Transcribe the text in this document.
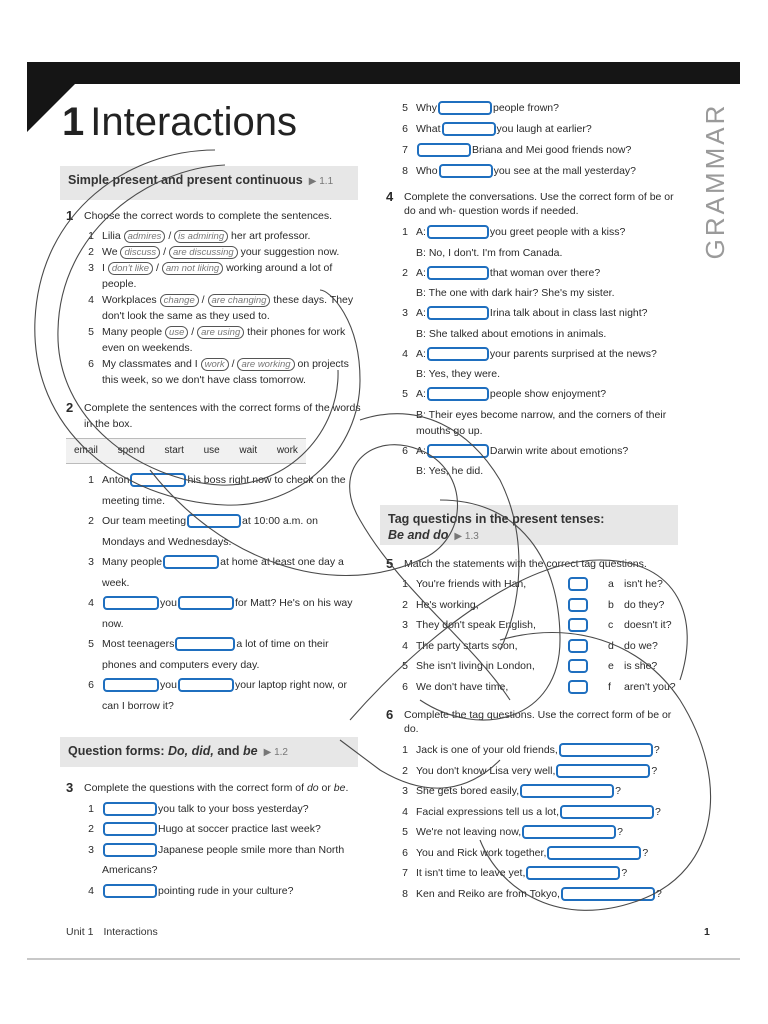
1 Interactions	GRAMMAR
Simple present and present continuous ▶ 1.1
1 Choose the correct words to complete the sentences.
1 Lilia admires / is admiring her art professor.
2 We discuss / are discussing your suggestion now.
3 I don't like / am not liking working around a lot of people.
4 Workplaces change / are changing these days. They don't look the same as they used to.
5 Many people use / are using their phones for work even on weekends.
6 My classmates and I work / are working on projects this week, so we don't have class tomorrow.
2 Complete the sentences with the correct forms of the words in the box.
email spend start use wait work
1 Anton	his boss right now to check on the meeting time.
2 Our team meeting	at 10:00 a.m. on Mondays and Wednesdays.
3 Many people	at home at least one day a week.
4	you	for Matt? He's on his way now.
5 Most teenagers	a lot of time on their phones and computers every day.
6	you	your laptop right now, or can I borrow it?
Question forms: Do, did, and be ▶ 1.2
3 Complete the questions with the correct form of do or be.
1	you talk to your boss yesterday?
2	Hugo at soccer practice last week?
3	Japanese people smile more than North Americans?
4	pointing rude in your culture?
5 Why	people frown?
6 What	you laugh at earlier?
7	Briana and Mei good friends now?
8 Who	you see at the mall yesterday?
4 Complete the conversations. Use the correct form of be or do and wh- question words if needed.
1 A:	you greet people with a kiss?
B: No, I don't. I'm from Canada.
2 A:	that woman over there?
B: The one with dark hair? She's my sister.
3 A:	Irina talk about in class last night?
B: She talked about emotions in animals.
4 A:	your parents surprised at the news?
B: Yes, they were.
5 A:	people show enjoyment?
B: Their eyes become narrow, and the corners of their mouths go up.
6 A:	Darwin write about emotions?
B: Yes, he did.
Tag questions in the present tenses:
Be and do ▶ 1.3
5 Match the statements with the correct tag questions.
1 You're friends with Han,	a isn't he?
2 He's working,	b do they?
3 They don't speak English,	c	doesn't it?
4 The party starts soon,	d do we?
5 She isn't living in London,	e is she?
6 We don't have time,	f	aren't you?
6 Complete the tag questions. Use the correct form of be or do.
1 Jack is one of your old friends,	?
2 You don't know Lisa very well,	?
3 She gets bored easily,	?
4 Facial expressions tell us a lot,	?
5 We're not leaving now,	?
6 You and Rick work together,	?
7 It isn't time to leave yet,	?
8 Ken and Reiko are from Tokyo,	?
Unit 1 Interactions	1
